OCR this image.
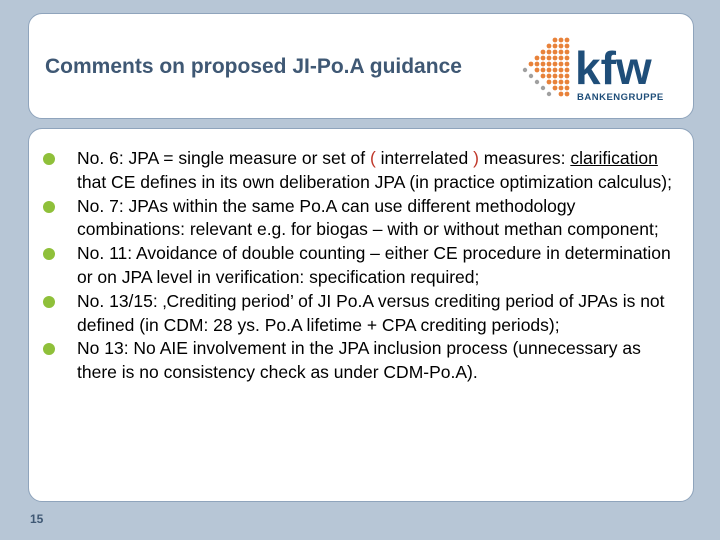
Comments on proposed JI-Po.A guidance	kfw
BANKENGRUPPE
No. 6: JPA = single measure or set of ( interrelated ) measures: clarification that CE defines in its own deliberation JPA (in practice optimization calculus);
No. 7: JPAs within the same Po.A can use different methodology combinations: relevant e.g. for biogas – with or without methan component;
No. 11: Avoidance of double counting – either CE procedure in determination or on JPA level in verification: specification required;
No. 13/15: ‚Crediting period’ of JI Po.A versus crediting period of JPAs is not defined (in CDM: 28 ys. Po.A lifetime + CPA crediting periods);
No 13: No AIE involvement in the JPA inclusion process (unnecessary as there is no consistency check as under CDM-Po.A).
15
